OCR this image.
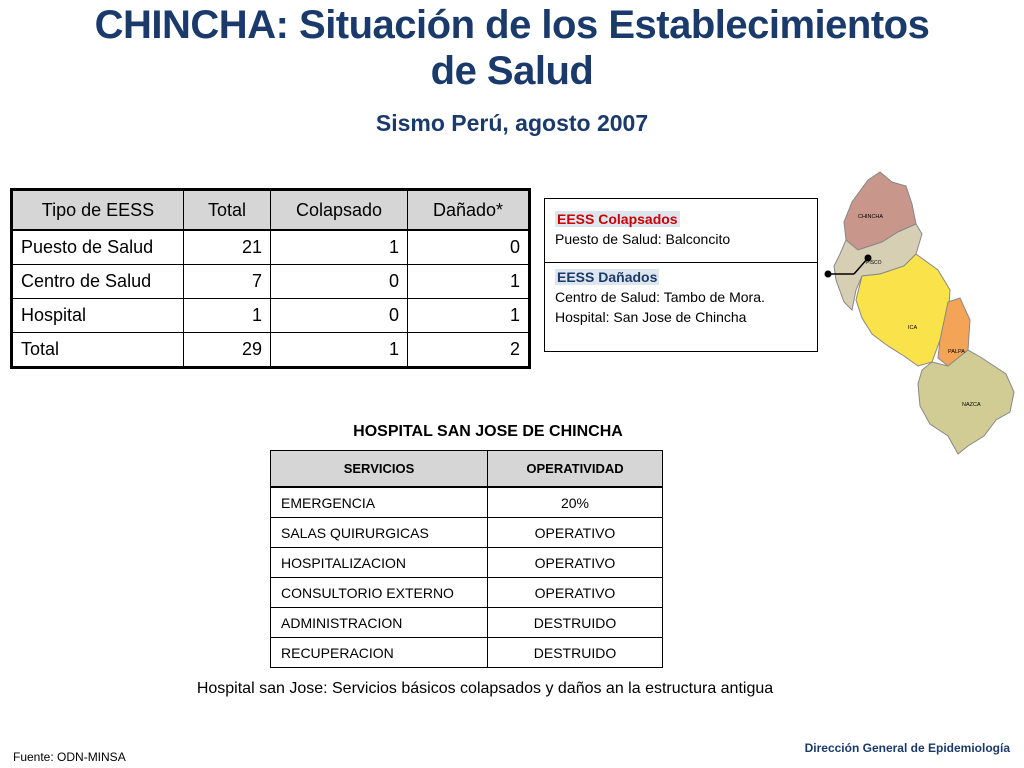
CHINCHA: Situación de los Establecimientos
de Salud
Sismo Perú, agosto 2007
Tipo de EESS	Total	Colapsado	Dañado*
Puesto de Salud	21	1	0
Centro de Salud	7	0	1
Hospital	1	0	1
Total	29	1	2
EESS Colapsados
Puesto de Salud: Balconcito
EESS Dañados
Centro de Salud: Tambo de Mora. Hospital: San Jose de Chincha
CHINCHA
PISCO
ICA
PALPA
NAZCA
HOSPITAL SAN JOSE DE CHINCHA
SERVICIOS	OPERATIVIDAD
EMERGENCIA	20%
SALAS QUIRURGICAS	OPERATIVO
HOSPITALIZACION	OPERATIVO
CONSULTORIO EXTERNO	OPERATIVO
ADMINISTRACION	DESTRUIDO
RECUPERACION	DESTRUIDO
Hospital san Jose: Servicios básicos colapsados y daños an la estructura antigua
Fuente: ODN-MINSA
Dirección General de Epidemiología
